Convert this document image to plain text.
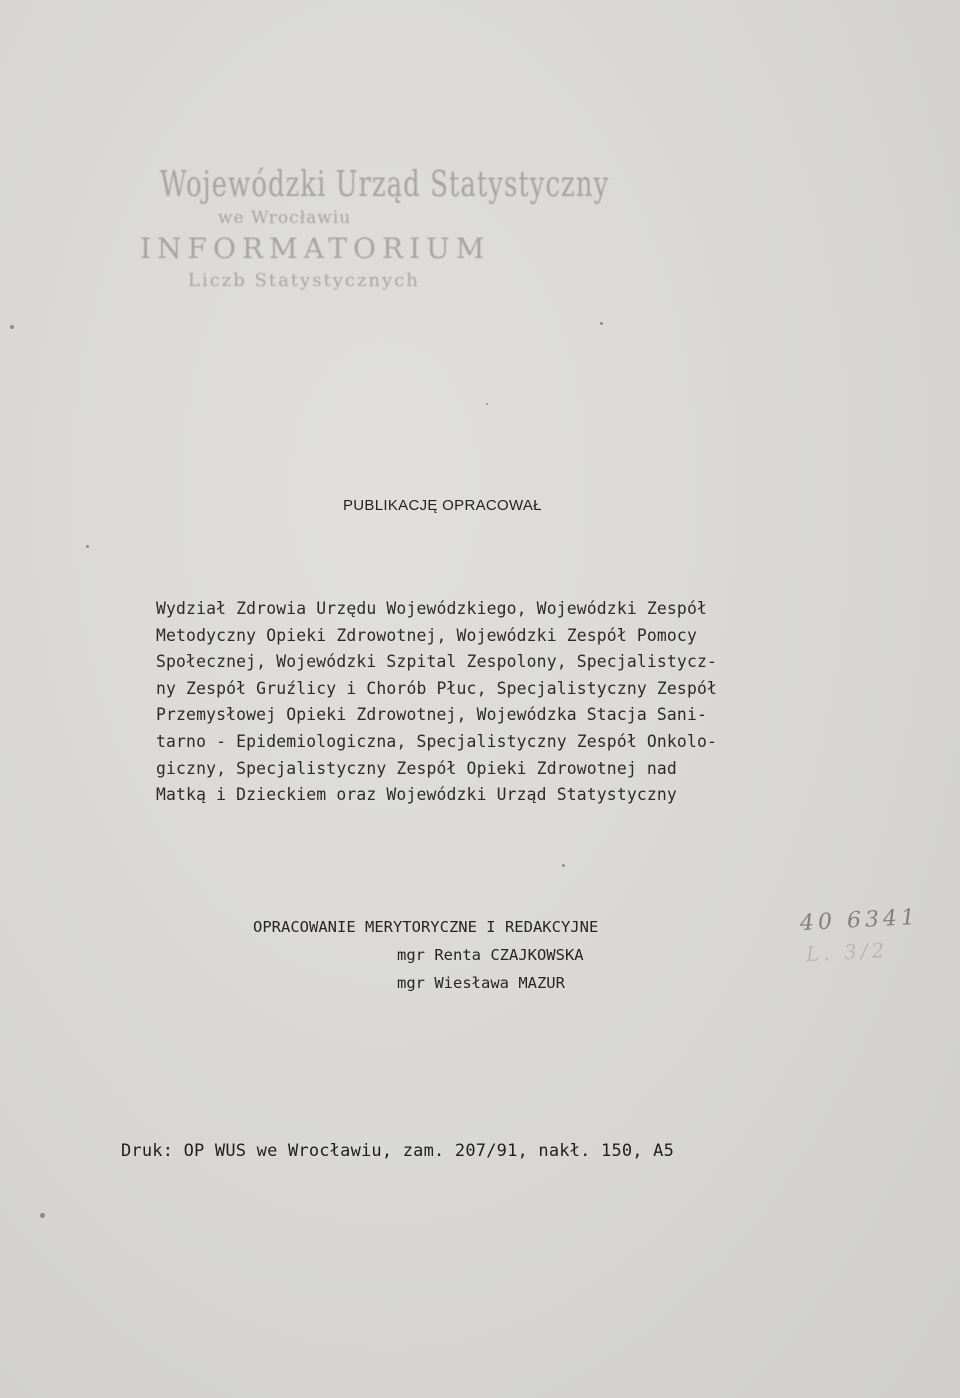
Wojewódzki Urząd Statystyczny
we Wrocławiu
INFORMATORIUM
Liczb Statystycznych
PUBLIKACJĘ OPRACOWAŁ
Wydział Zdrowia Urzędu Wojewódzkiego, Wojewódzki Zespół
Metodyczny Opieki Zdrowotnej, Wojewódzki Zespół Pomocy
Społecznej, Wojewódzki Szpital Zespolony, Specjalistycz-
ny Zespół Gruźlicy i Chorób Płuc, Specjalistyczny Zespół
Przemysłowej Opieki Zdrowotnej, Wojewódzka Stacja Sani-
tarno - Epidemiologiczna, Specjalistyczny Zespół Onkolo-
giczny, Specjalistyczny Zespół Opieki Zdrowotnej nad
Matką i Dzieckiem oraz Wojewódzki Urząd Statystyczny
OPRACOWANIE MERYTORYCZNE I REDAKCYJNE
mgr Renta CZAJKOWSKA
mgr Wiesława MAZUR
40 6341
L. 3/2
Druk: OP WUS we Wrocławiu, zam. 207/91, nakł. 150, A5
